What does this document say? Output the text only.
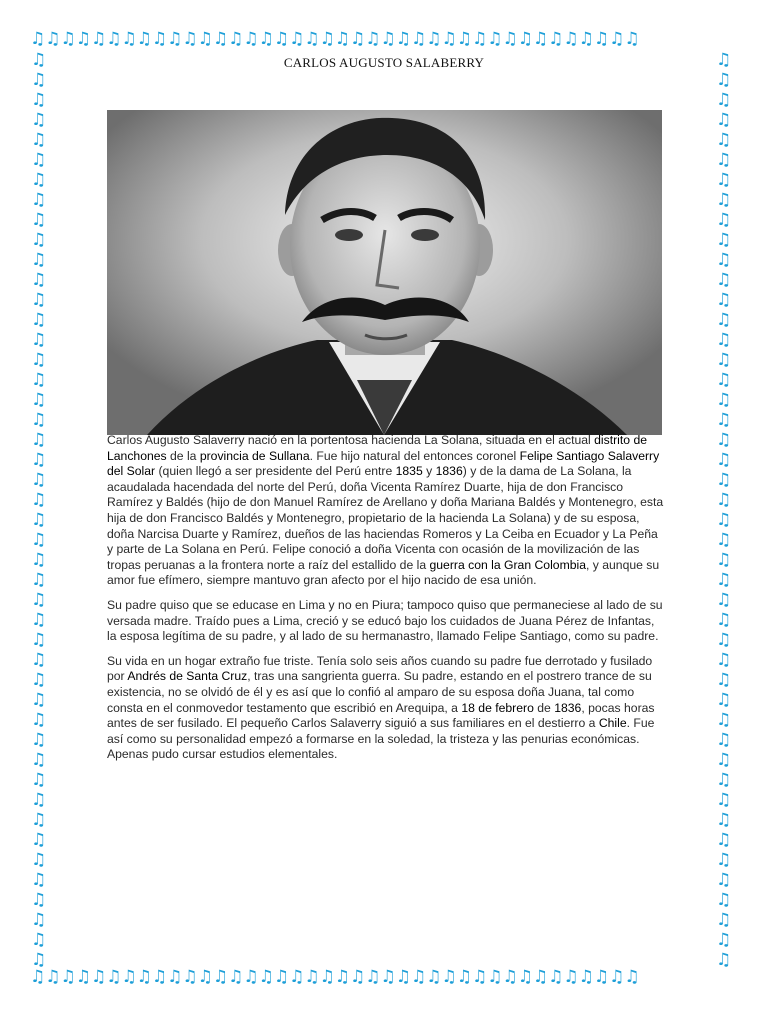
♫♫♫♫♫♫♫♫♫♫♫♫♫♫♫♫♫♫♫♫♫♫♫♫♫♫♫♫♫♫♫♫♫♫♫♫♫♫♫♫
♫♫♫♫♫♫♫♫♫♫♫♫♫♫♫♫♫♫♫♫♫♫♫♫♫♫♫♫♫♫♫♫♫♫♫♫♫♫♫♫
♫♫♫♫♫♫♫♫♫♫♫♫♫♫♫♫♫♫♫♫♫♫♫♫♫♫♫♫♫♫♫♫♫♫♫♫♫♫♫♫♫♫♫♫♫♫
♫♫♫♫♫♫♫♫♫♫♫♫♫♫♫♫♫♫♫♫♫♫♫♫♫♫♫♫♫♫♫♫♫♫♫♫♫♫♫♫♫♫♫♫♫♫
CARLOS AUGUSTO SALABERRY

Carlos Augusto Salaverry nació en la portentosa hacienda La Solana, situada en el actual distrito de Lanchones de la provincia de Sullana. Fue hijo natural del entonces coronel Felipe Santiago Salaverry del Solar (quien llegó a ser presidente del Perú entre 1835 y 1836) y de la dama de La Solana, la acaudalada hacendada del norte del Perú, doña Vicenta Ramírez Duarte, hija de don Francisco Ramírez y Baldés (hijo de don Manuel Ramírez de Arellano y doña Mariana Baldés y Montenegro, esta hija de don Francisco Baldés y Montenegro, propietario de la hacienda La Solana) y de su esposa, doña Narcisa Duarte y Ramírez, dueños de las haciendas Romeros y La Ceiba en Ecuador y La Peña y parte de La Solana en Perú. Felipe conoció a doña Vicenta con ocasión de la movilización de las tropas peruanas a la frontera norte a raíz del estallido de la guerra con la Gran Colombia, y aunque su amor fue efímero, siempre mantuvo gran afecto por el hijo nacido de esa unión.

Su padre quiso que se educase en Lima y no en Piura; tampoco quiso que permaneciese al lado de su versada madre. Traído pues a Lima, creció y se educó bajo los cuidados de Juana Pérez de Infantas, la esposa legítima de su padre, y al lado de su hermanastro, llamado Felipe Santiago, como su padre.

Su vida en un hogar extraño fue triste. Tenía solo seis años cuando su padre fue derrotado y fusilado por Andrés de Santa Cruz, tras una sangrienta guerra. Su padre, estando en el postrero trance de su existencia, no se olvidó de él y es así que lo confió al amparo de su esposa doña Juana, tal como consta en el conmovedor testamento que escribió en Arequipa, a 18 de febrero de 1836, pocas horas antes de ser fusilado. El pequeño Carlos Salaverry siguió a sus familiares en el destierro a Chile. Fue así como su personalidad empezó a formarse en la soledad, la tristeza y las penurias económicas. Apenas pudo cursar estudios elementales.
